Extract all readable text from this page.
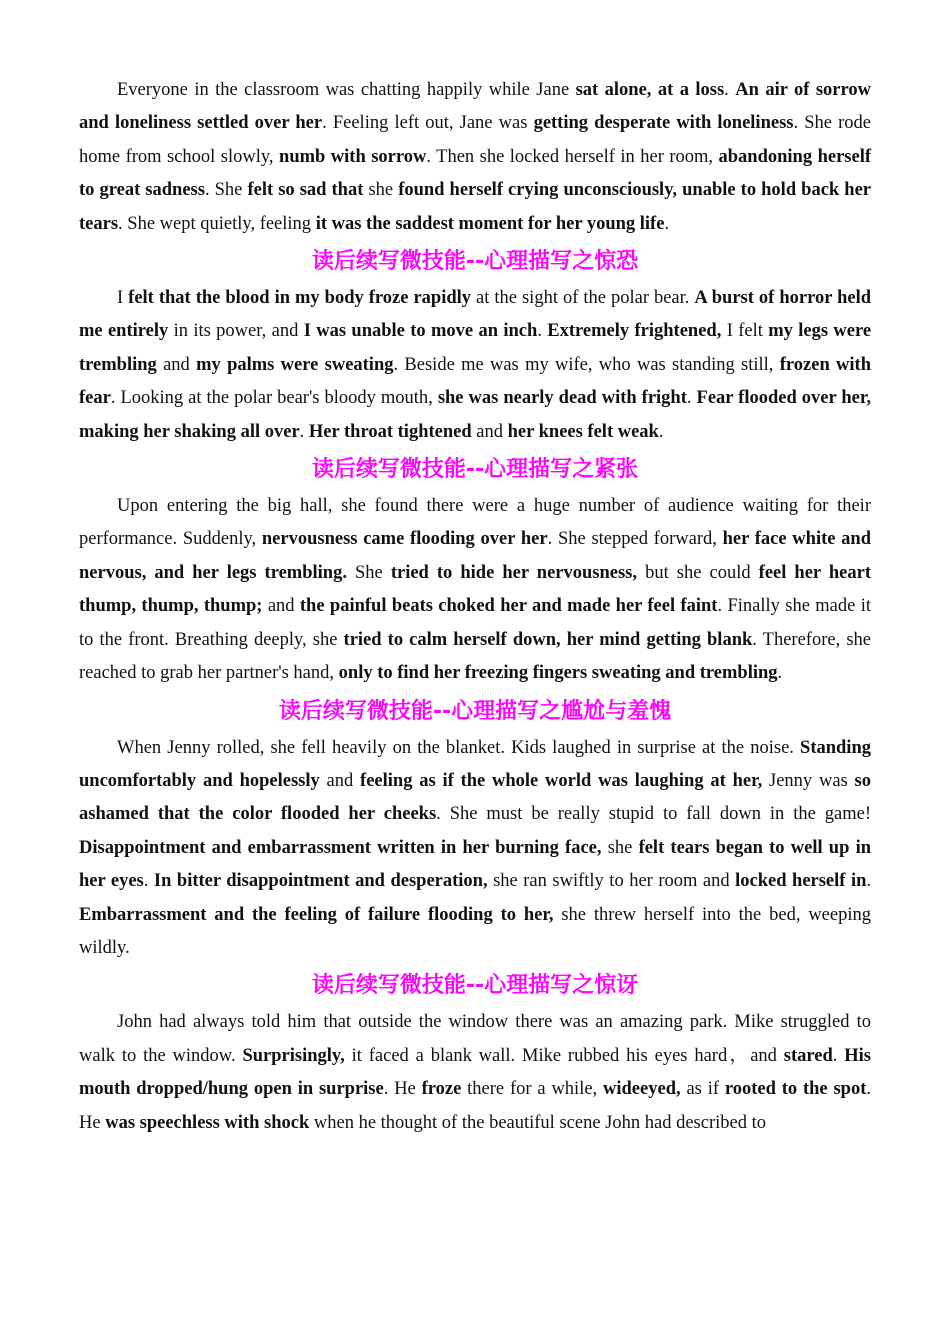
Everyone in the classroom was chatting happily while Jane sat alone, at a loss. An air of sorrow and loneliness settled over her. Feeling left out, Jane was getting desperate with loneliness. She rode home from school slowly, numb with sorrow. Then she locked herself in her room, abandoning herself to great sadness. She felt so sad that she found herself crying unconsciously, unable to hold back her tears. She wept quietly, feeling it was the saddest moment for her young life.

读后续写微技能--心理描写之惊恐

I felt that the blood in my body froze rapidly at the sight of the polar bear. A burst of horror held me entirely in its power, and I was unable to move an inch. Extremely frightened, I felt my legs were trembling and my palms were sweating. Beside me was my wife, who was standing still, frozen with fear. Looking at the polar bear's bloody mouth, she was nearly dead with fright. Fear flooded over her, making her shaking all over. Her throat tightened and her knees felt weak.

读后续写微技能--心理描写之紧张

Upon entering the big hall, she found there were a huge number of audience waiting for their performance. Suddenly, nervousness came flooding over her. She stepped forward, her face white and nervous, and her legs trembling. She tried to hide her nervousness, but she could feel her heart thump, thump, thump; and the painful beats choked her and made her feel faint. Finally she made it to the front. Breathing deeply, she tried to calm herself down, her mind getting blank. Therefore, she reached to grab her partner's hand, only to find her freezing fingers sweating and trembling.

读后续写微技能--心理描写之尴尬与羞愧

When Jenny rolled, she fell heavily on the blanket. Kids laughed in surprise at the noise. Standing uncomfortably and hopelessly and feeling as if the whole world was laughing at her, Jenny was so ashamed that the color flooded her cheeks. She must be really stupid to fall down in the game! Disappointment and embarrassment written in her burning face, she felt tears began to well up in her eyes. In bitter disappointment and desperation, she ran swiftly to her room and locked herself in. Embarrassment and the feeling of failure flooding to her, she threw herself into the bed, weeping wildly.

读后续写微技能--心理描写之惊讶

John had always told him that outside the window there was an amazing park. Mike struggled to walk to the window. Surprisingly, it faced a blank wall. Mike rubbed his eyes hard，and stared. His mouth dropped/hung open in surprise. He froze there for a while, wideeyed, as if rooted to the spot. He was speechless with shock when he thought of the beautiful scene John had described to
